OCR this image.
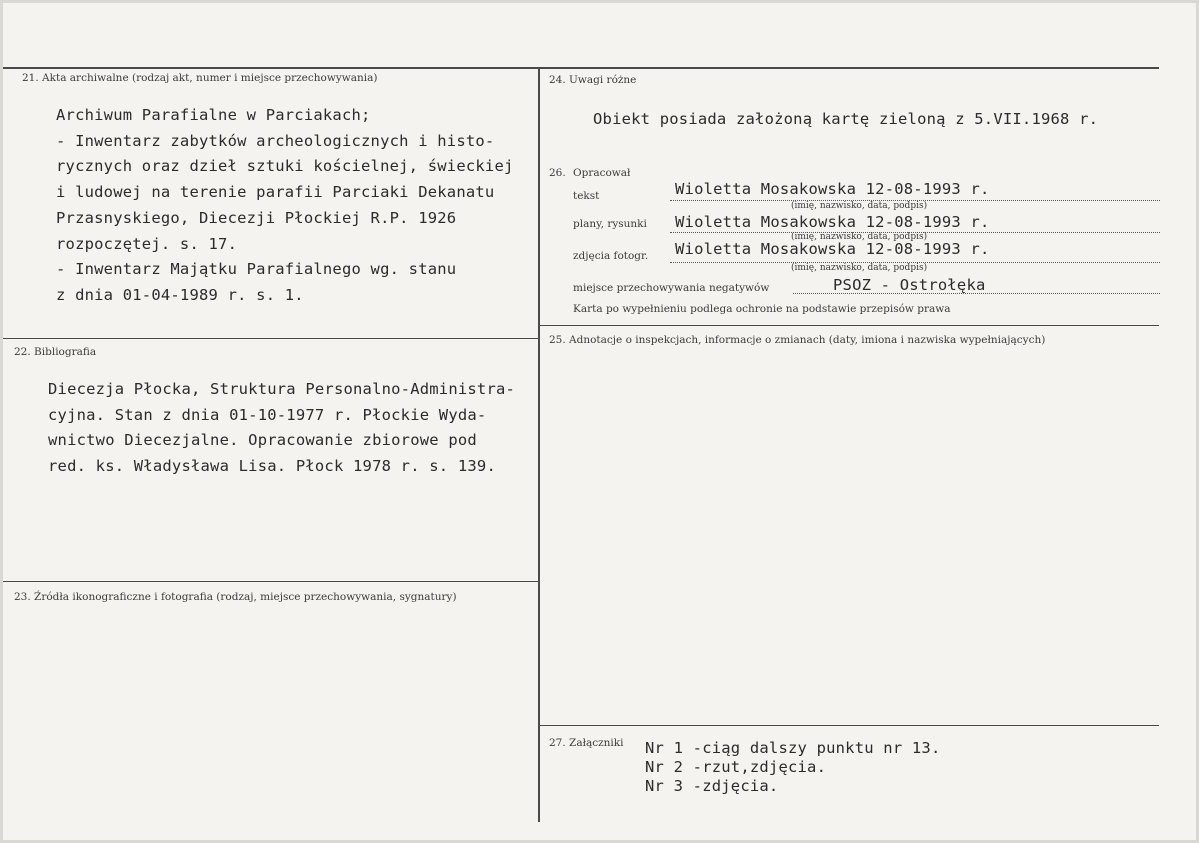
21. Akta archiwalne (rodzaj akt, numer i miejsce przechowywania)
Archiwum Parafialne w Parciakach;
- Inwentarz zabytków archeologicznych i histo-
rycznych oraz dzieł sztuki kościelnej, świeckiej
i ludowej na terenie parafii Parciaki Dekanatu
Przasnyskiego, Diecezji Płockiej R.P. 1926
rozpoczętej. s. 17.
- Inwentarz Majątku Parafialnego wg. stanu
z dnia 01-04-1989 r. s. 1.
22. Bibliografia
Diecezja Płocka, Struktura Personalno-Administra-
cyjna. Stan z dnia 01-10-1977 r. Płockie Wyda-
wnictwo Diecezjalne. Opracowanie zbiorowe pod
red. ks. Władysława Lisa. Płock 1978 r. s. 139.
23. Źródła ikonograficzne i fotografia (rodzaj, miejsce przechowywania, sygnatury)
24. Uwagi różne
Obiekt posiada założoną kartę zieloną z 5.VII.1968 r.
26. Opracował
tekst	Wioletta Mosakowska 12-08-1993 r.
(imię, nazwisko, data, podpis)
plany, rysunki Wioletta Mosakowska 12-08-1993 r.
(imię, nazwisko, data, podpis)
zdjęcia fotogr. Wioletta Mosakowska 12-08-1993 r.
(imię, nazwisko, data, podpis)
miejsce przechowywania negatywów	PSOZ - Ostrołęka
Karta po wypełnieniu podlega ochronie na podstawie przepisów prawa
25. Adnotacje o inspekcjach, informacje o zmianach (daty, imiona i nazwiska wypełniających)
27. Załączniki Nr 1 -ciąg dalszy punktu nr 13.
Nr 2 -rzut,zdjęcia.
Nr 3 -zdjęcia.
